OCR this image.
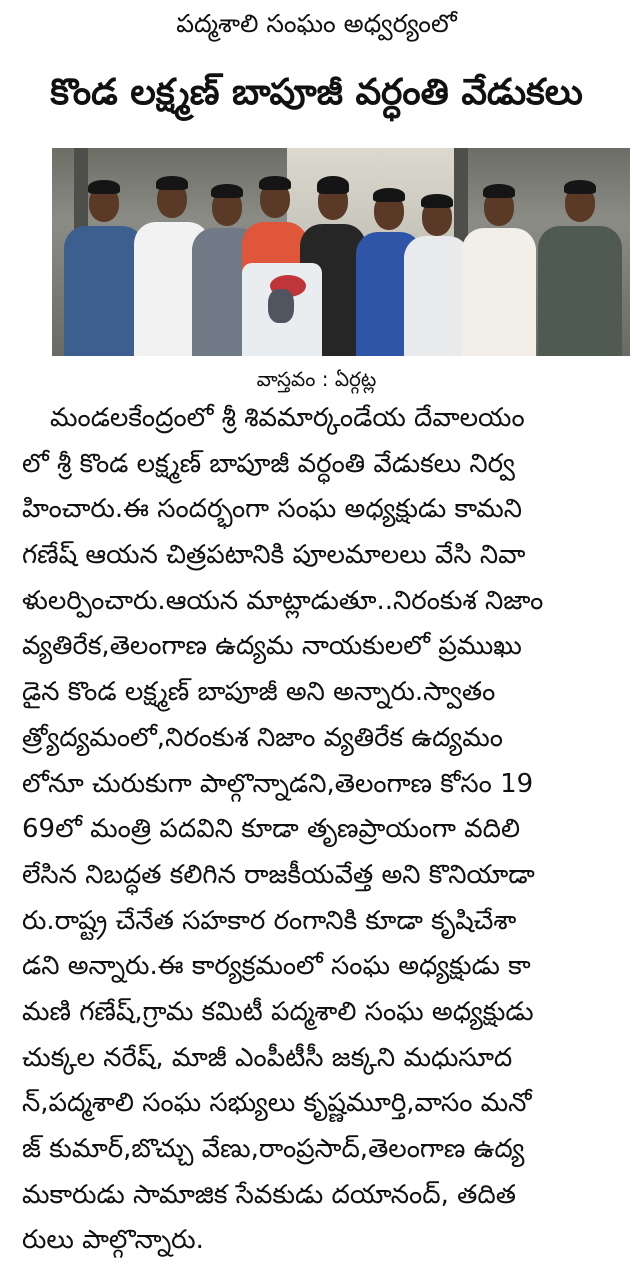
పద్మశాలి సంఘం అధ్వర్యంలో
కొండ లక్ష్మణ్ బాపూజీ వర్ధంతి వేడుకలు
వాస్తవం : ఏర్గట్ల
మండలకేంద్రంలో శ్రీ శివమార్కండేయ దేవాలయం
లో శ్రీ కొండ లక్ష్మణ్ బాపూజీ వర్ధంతి వేడుకలు నిర్వ
హించారు.ఈ సందర్భంగా సంఘ అధ్యక్షుడు కామని
గణేష్ ఆయన చిత్రపటానికి పూలమాలలు వేసి నివా
ళులర్పించారు.ఆయన మాట్లాడుతూ..నిరంకుశ నిజాం
వ్యతిరేక,తెలంగాణ ఉద్యమ నాయకులలో ప్రముఖు
డైన కొండ లక్ష్మణ్ బాపూజీ అని అన్నారు.స్వాతం
త్ర్యోద్యమంలో,నిరంకుశ నిజాం వ్యతిరేక ఉద్యమం
లోనూ చురుకుగా పాల్గొన్నాడని,తెలంగాణ కోసం 19
69లో మంత్రి పదవిని కూడా తృణప్రాయంగా వదిలి
లేసిన నిబద్ధత కలిగిన రాజకీయవేత్త అని కొనియాడా
రు.రాష్ట్ర చేనేత సహకార రంగానికి కూడా కృషిచేశా
డని అన్నారు.ఈ కార్యక్రమంలో సంఘ అధ్యక్షుడు కా
మణి గణేష్,గ్రామ కమిటీ పద్మశాలి సంఘ అధ్యక్షుడు
చుక్కల నరేష్, మాజీ ఎంపీటీసీ జక్కని మధుసూద
న్,పద్మశాలి సంఘ సభ్యులు కృష్ణమూర్తి,వాసం మనో
జ్ కుమార్,బొచ్చు వేణు,రాంప్రసాద్,తెలంగాణ ఉద్య
మకారుడు సామాజిక సేవకుడు దయానంద్, తదిత
రులు పాల్గొన్నారు.
